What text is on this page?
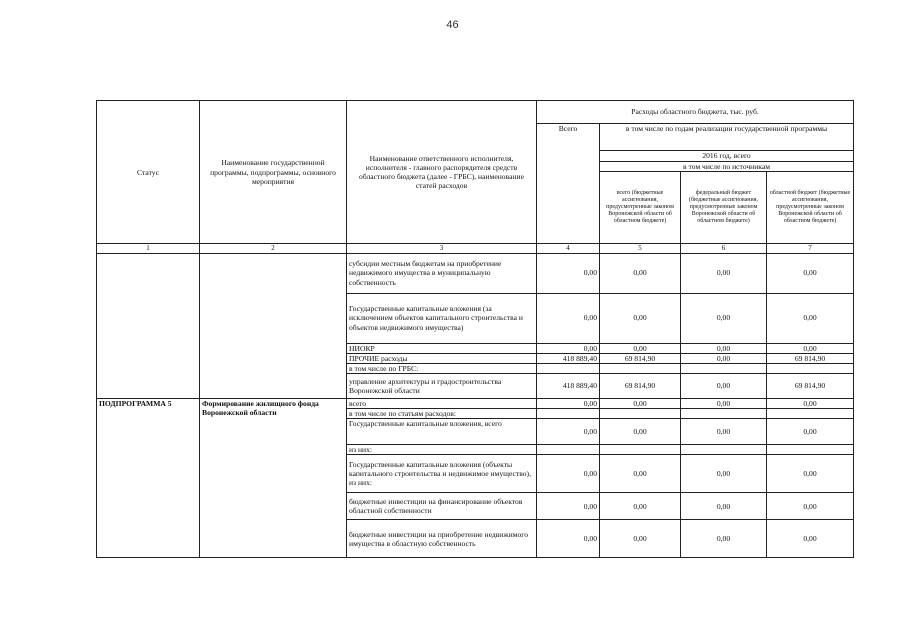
46
Статус	Наименование государственной программы, подпрограммы, основного мероприятия	Наименование ответственного исполнителя, исполнителя - главного распорядителя средств областного бюджета (далее - ГРБС), наименование статей расходов	Расходы областного бюджета, тыс. руб.			
			Всего	в том числе по годам реализации государственной программы		
				2016 год, всего		
				в том числе по источникам		
				всего (бюджетные ассигнования, предусмотренные законом Воронежской области об областном бюджете)	федеральный бюджет (бюджетные ассигнования, предусмотренные законом Воронежской области об областном бюджете)	областной бюджет (бюджетные ассигнования, предусмотренные законом Воронежской области об областном бюджете)
1	2	3	4	5	6	7
		субсидии местным бюджетам на приобретение недвижимого имущества в муниципальную собственность	0,00	0,00	0,00	0,00
		Государственные капитальные вложения (за исключением объектов капитального строительства и объектов недвижимого имущества)	0,00	0,00	0,00	0,00
		НИОКР	0,00	0,00	0,00	0,00
		ПРОЧИЕ расходы	418 889,40	69 814,90	0,00	69 814,90
		в том числе по ГРБС:				
		управление архитектуры и градостроительства Воронежской области	418 889,40	69 814,90	0,00	69 814,90
ПОДПРОГРАММА 5	Формирование жилищного фонда Воронежской области	всего	0,00	0,00	0,00	0,00
		в том числе по статьям расходов:				
		Государственные капитальные вложения, всего	0,00	0,00	0,00	0,00
		из них:				
		Государственные капитальные вложения (объекты капитального строительства и недвижимое имущество), из них:	0,00	0,00	0,00	0,00
		бюджетные инвестиции на финансирование объектов областной собственности	0,00	0,00	0,00	0,00
		бюджетные инвестиции на приобретение недвижимого имущества в областную собственность	0,00	0,00	0,00	0,00
